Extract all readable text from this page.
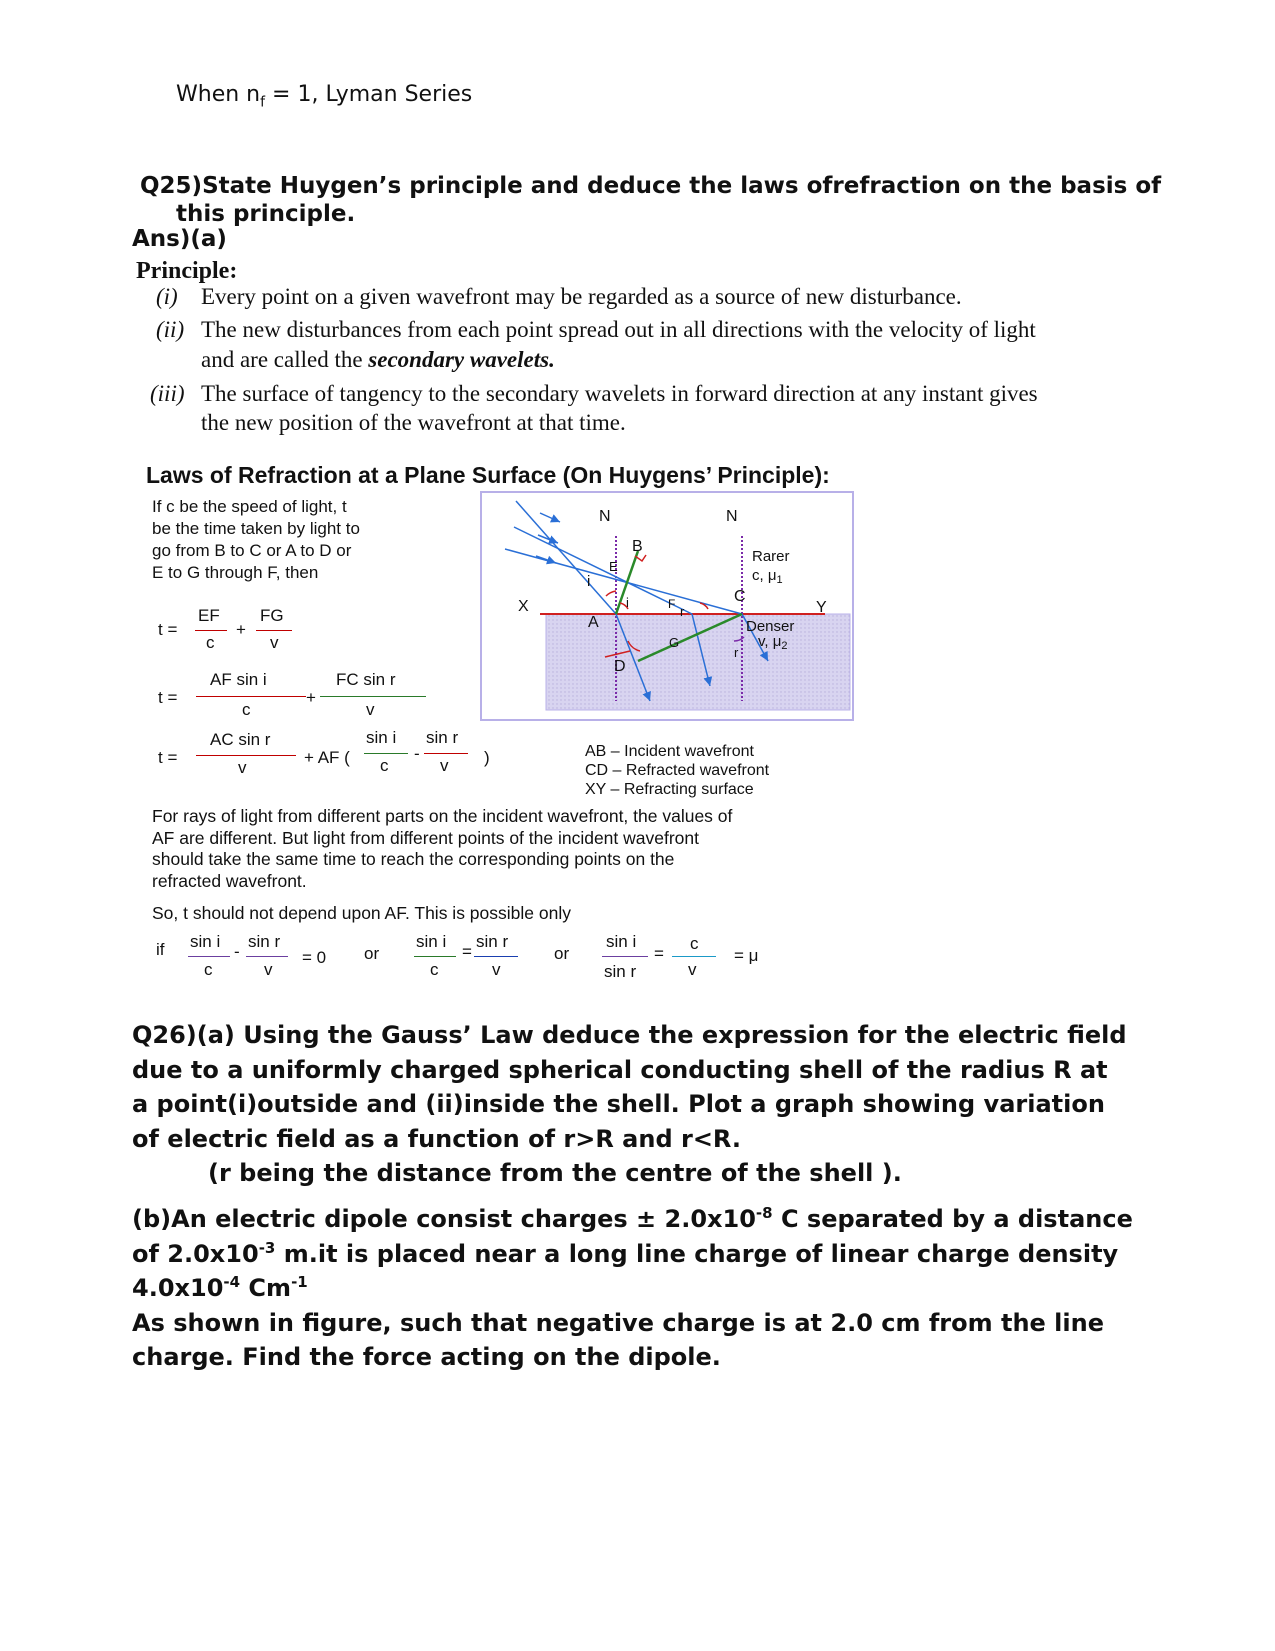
When $n_f = 1$, Lyman Series
Q25)State Huygen’s principle and deduce the laws ofrefraction on the basis of
this principle.
Ans)(a)
Principle:
(i) Every point on a given wavefront may be regarded as a source of new disturbance.
(ii) The new disturbances from each point spread out in all directions with the velocity of light
and are called the secondary wavelets.
(iii) The surface of tangency to the secondary wavelets in forward direction at any instant gives
the new position of the wavefront at that time.
Laws of Refraction at a Plane Surface (On Huygens’ Principle):
If c be the speed of light, t
be the time taken by light to
go from B to C or A to D or
E to G through F, then
t =
EF
c
+
FG
v
t =
AF sin i
c
+
FC sin r
v
t =
AC sin r
v
+ AF (
sin i
c
-
sin r
v )
N	N
B
E
i
i	F r
C
X	Y
A
G
D
r
Rarer
c, $\mu_1$
Denser
v, $\mu_2$
AB – Incident wavefront
CD – Refracted wavefront
XY – Refracting surface
For rays of light from different parts on the incident wavefront, the values of
AF are different. But light from different points of the incident wavefront
should take the same time to reach the corresponding points on the
refracted wavefront.
So, t should not depend upon AF. This is possible only
if sin i
c
-
sin r
v
= 0 or
sin i
c
=
sin r
v
or
sin i
sin r
=
c
v
= μ
Q26)(a) Using the Gauss’ Law deduce the expression for the electric field
due to a uniformly charged spherical conducting shell of the radius R at
a point(i)outside and (ii)inside the shell. Plot a graph showing variation
of electric field as a function of r>R and r<R.
(r being the distance from the centre of the shell ).
(b)An electric dipole consist charges ± $2.0x10^{-8}$ C separated by a distance
of $2.0x10^{-3}$ m.it is placed near a long line charge of linear charge density
$4.0x10^{-4}$ $Cm^{-1}$
As shown in figure, such that negative charge is at 2.0 cm from the line
charge. Find the force acting on the dipole.
